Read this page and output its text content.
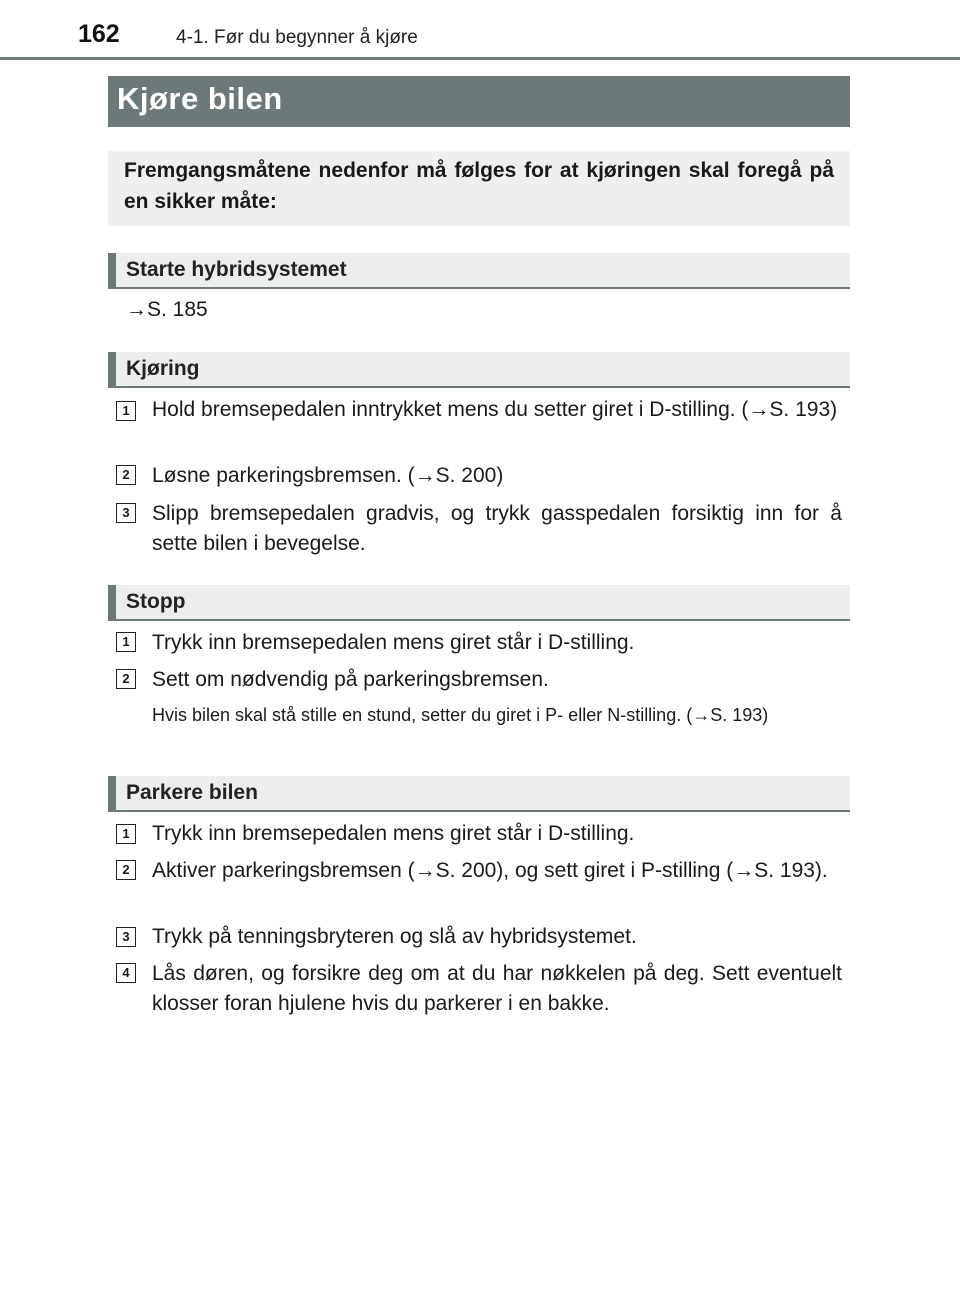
162	4-1. Før du begynner å kjøre
Kjøre bilen
Fremgangsmåtene nedenfor må følges for at kjøringen skal foregå på en sikker måte:
Starte hybridsystemet
→S. 185
Kjøring
1	Hold bremsepedalen inntrykket mens du setter giret i D-stilling. (→S. 193)
2	Løsne parkeringsbremsen. (→S. 200)
3	Slipp bremsepedalen gradvis, og trykk gasspedalen forsiktig inn for å sette bilen i bevegelse.
Stopp
1	Trykk inn bremsepedalen mens giret står i D-stilling.
2	Sett om nødvendig på parkeringsbremsen.
Hvis bilen skal stå stille en stund, setter du giret i P- eller N-stilling. (→S. 193)
Parkere bilen
1	Trykk inn bremsepedalen mens giret står i D-stilling.
2	Aktiver parkeringsbremsen (→S. 200), og sett giret i P-stilling (→S. 193).
3	Trykk på tenningsbryteren og slå av hybridsystemet.
4	Lås døren, og forsikre deg om at du har nøkkelen på deg. Sett eventuelt klosser foran hjulene hvis du parkerer i en bakke.
